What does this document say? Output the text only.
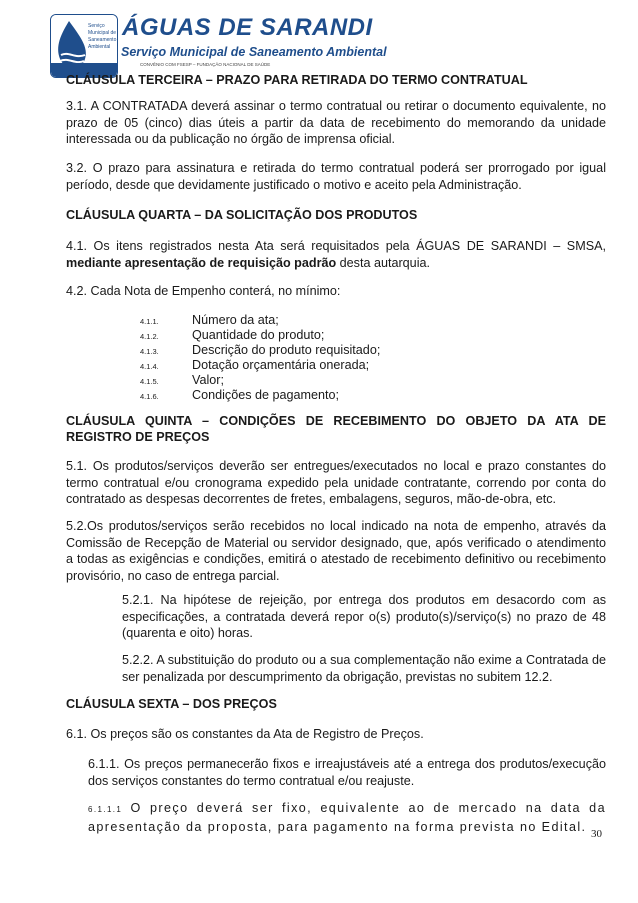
Serviço
Municipal de
Saneamento
Ambiental
ÁGUAS DE SARANDI
Serviço Municipal de Saneamento Ambiental
CONVÊNIO COM FSESP – FUNDAÇÃO NACIONAL DE SAÚDE
CLÁUSULA TERCEIRA – PRAZO PARA RETIRADA DO TERMO CONTRATUAL
3.1. A CONTRATADA deverá assinar o termo contratual ou retirar o documento equivalente, no prazo de 05 (cinco) dias úteis a partir da data de recebimento do memorando da unidade interessada ou da publicação no órgão de imprensa oficial.
3.2. O prazo para assinatura e retirada do termo contratual poderá ser prorrogado por igual período, desde que devidamente justificado o motivo e aceito pela Administração.
CLÁUSULA QUARTA – DA SOLICITAÇÃO DOS PRODUTOS
4.1. Os itens registrados nesta Ata será requisitados pela ÁGUAS DE SARANDI – SMSA, mediante apresentação de requisição padrão desta autarquia.
4.2. Cada Nota de Empenho conterá, no mínimo:
4.1.1.	Número da ata;
4.1.2.	Quantidade do produto;
4.1.3.	Descrição do produto requisitado;
4.1.4.	Dotação orçamentária onerada;
4.1.5.	Valor;
4.1.6.	Condições de pagamento;
CLÁUSULA QUINTA – CONDIÇÕES DE RECEBIMENTO DO OBJETO DA ATA DE
REGISTRO DE PREÇOS
5.1. Os produtos/serviços deverão ser entregues/executados no local e prazo constantes do termo contratual e/ou cronograma expedido pela unidade contratante, correndo por conta do contratado as despesas decorrentes de fretes, embalagens, seguros, mão-de-obra, etc.
5.2.Os produtos/serviços serão recebidos no local indicado na nota de empenho, através da Comissão de Recepção de Material ou servidor designado, que, após verificado o atendimento a todas as exigências e condições, emitirá o atestado de recebimento definitivo ou recebimento provisório, no caso de entrega parcial.
5.2.1. Na hipótese de rejeição, por entrega dos produtos em desacordo com as especificações, a contratada deverá repor o(s) produto(s)/serviço(s) no prazo de 48 (quarenta e oito) horas.
5.2.2. A substituição do produto ou a sua complementação não exime a Contratada de ser penalizada por descumprimento da obrigação, previstas no subitem 12.2.
CLÁUSULA SEXTA – DOS PREÇOS
6.1. Os preços são os constantes da Ata de Registro de Preços.
6.1.1. Os preços permanecerão fixos e irreajustáveis até a entrega dos produtos/execução dos serviços constantes do termo contratual e/ou reajuste.
6.1.1.1 O preço deverá ser fixo, equivalente ao de mercado na data da apresentação da proposta, para pagamento na forma prevista no Edital.
30
